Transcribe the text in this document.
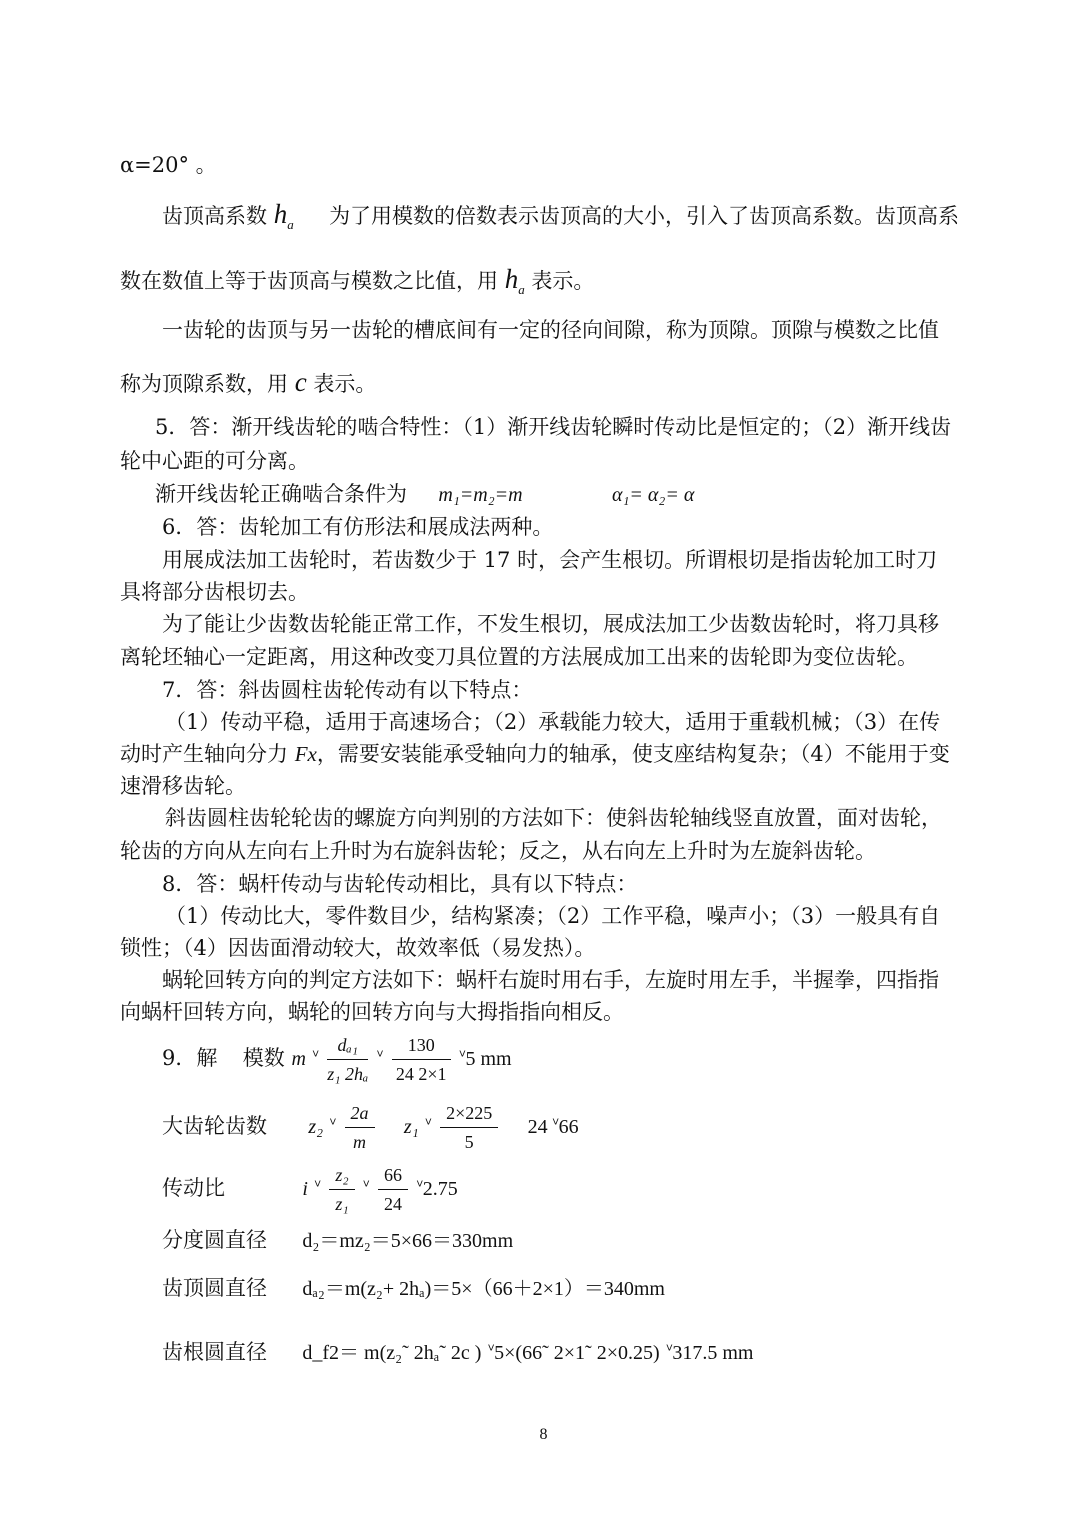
α=20° 。
齿顶高系数 $h_a$ 为了用模数的倍数表示齿顶高的大小，引入了齿顶高系数。齿顶高系
数在数值上等于齿顶高与模数之比值，用 $h_a$ 表示。
一齿轮的齿顶与另一齿轮的槽底间有一定的径向间隙，称为顶隙。顶隙与模数之比值
称为顶隙系数，用 c 表示。
5．答：渐开线齿轮的啮合特性：（1）渐开线齿轮瞬时传动比是恒定的；（2）渐开线齿
轮中心距的可分离。
渐开线齿轮正确啮合条件为 m₁=m₂=m	α₁= α₂= α
6．答：齿轮加工有仿形法和展成法两种。
用展成法加工齿轮时，若齿数少于 17 时，会产生根切。所谓根切是指齿轮加工时刀
具将部分齿根切去。
为了能让少齿数齿轮能正常工作，不发生根切，展成法加工少齿数齿轮时，将刀具移
离轮坯轴心一定距离，用这种改变刀具位置的方法展成加工出来的齿轮即为变位齿轮。
7．答：斜齿圆柱齿轮传动有以下特点：
（1）传动平稳，适用于高速场合；（2）承载能力较大，适用于重载机械；（3）在传
动时产生轴向分力 Fx，需要安装能承受轴向力的轴承，使支座结构复杂；（4）不能用于变
速滑移齿轮。
斜齿圆柱齿轮轮齿的螺旋方向判别的方法如下：使斜齿轮轴线竖直放置，面对齿轮，
轮齿的方向从左向右上升时为右旋斜齿轮；反之，从右向左上升时为左旋斜齿轮。
8．答：蜗杆传动与齿轮传动相比，具有以下特点：
（1）传动比大，零件数目少，结构紧凑；（2）工作平稳，噪声小；（3）一般具有自
锁性；（4）因齿面滑动较大，故效率低（易发热）。
蜗轮回转方向的判定方法如下：蜗杆右旋时用右手，左旋时用左手，半握拳，四指指
向蜗杆回转方向，蜗轮的回转方向与大拇指指向相反。
9．解 模数 m ⱽ $\frac{\text{dₐ₁}}{\text{z₁ 2hₐ}}$ ⱽ $\frac{130}{24 2\times 1}$ ⱽ5 mm
大齿轮齿数 z₂ ⱽ $\frac{2a}{m} z_1$ ⱽ $\frac{2\times 225}{5} 24$ ⱽ66
传动比	i ⱽ $\frac{\text{z₂}}{\text{z₁}}$ ⱽ $\frac{66}{24}$ ⱽ2.75
分度圆直径 d₂＝mz₂＝5×66＝330mm
齿顶圆直径 dₐ₂＝m(z₂+ 2hₐ)＝5×（66＋2×1）＝340mm
齿根圆直径 d_f2＝ m(z₂˜ 2hₐ˜ 2c ) ⱽ5×(66˜ 2×1˜ 2×0.25) ⱽ317.5 mm
8
